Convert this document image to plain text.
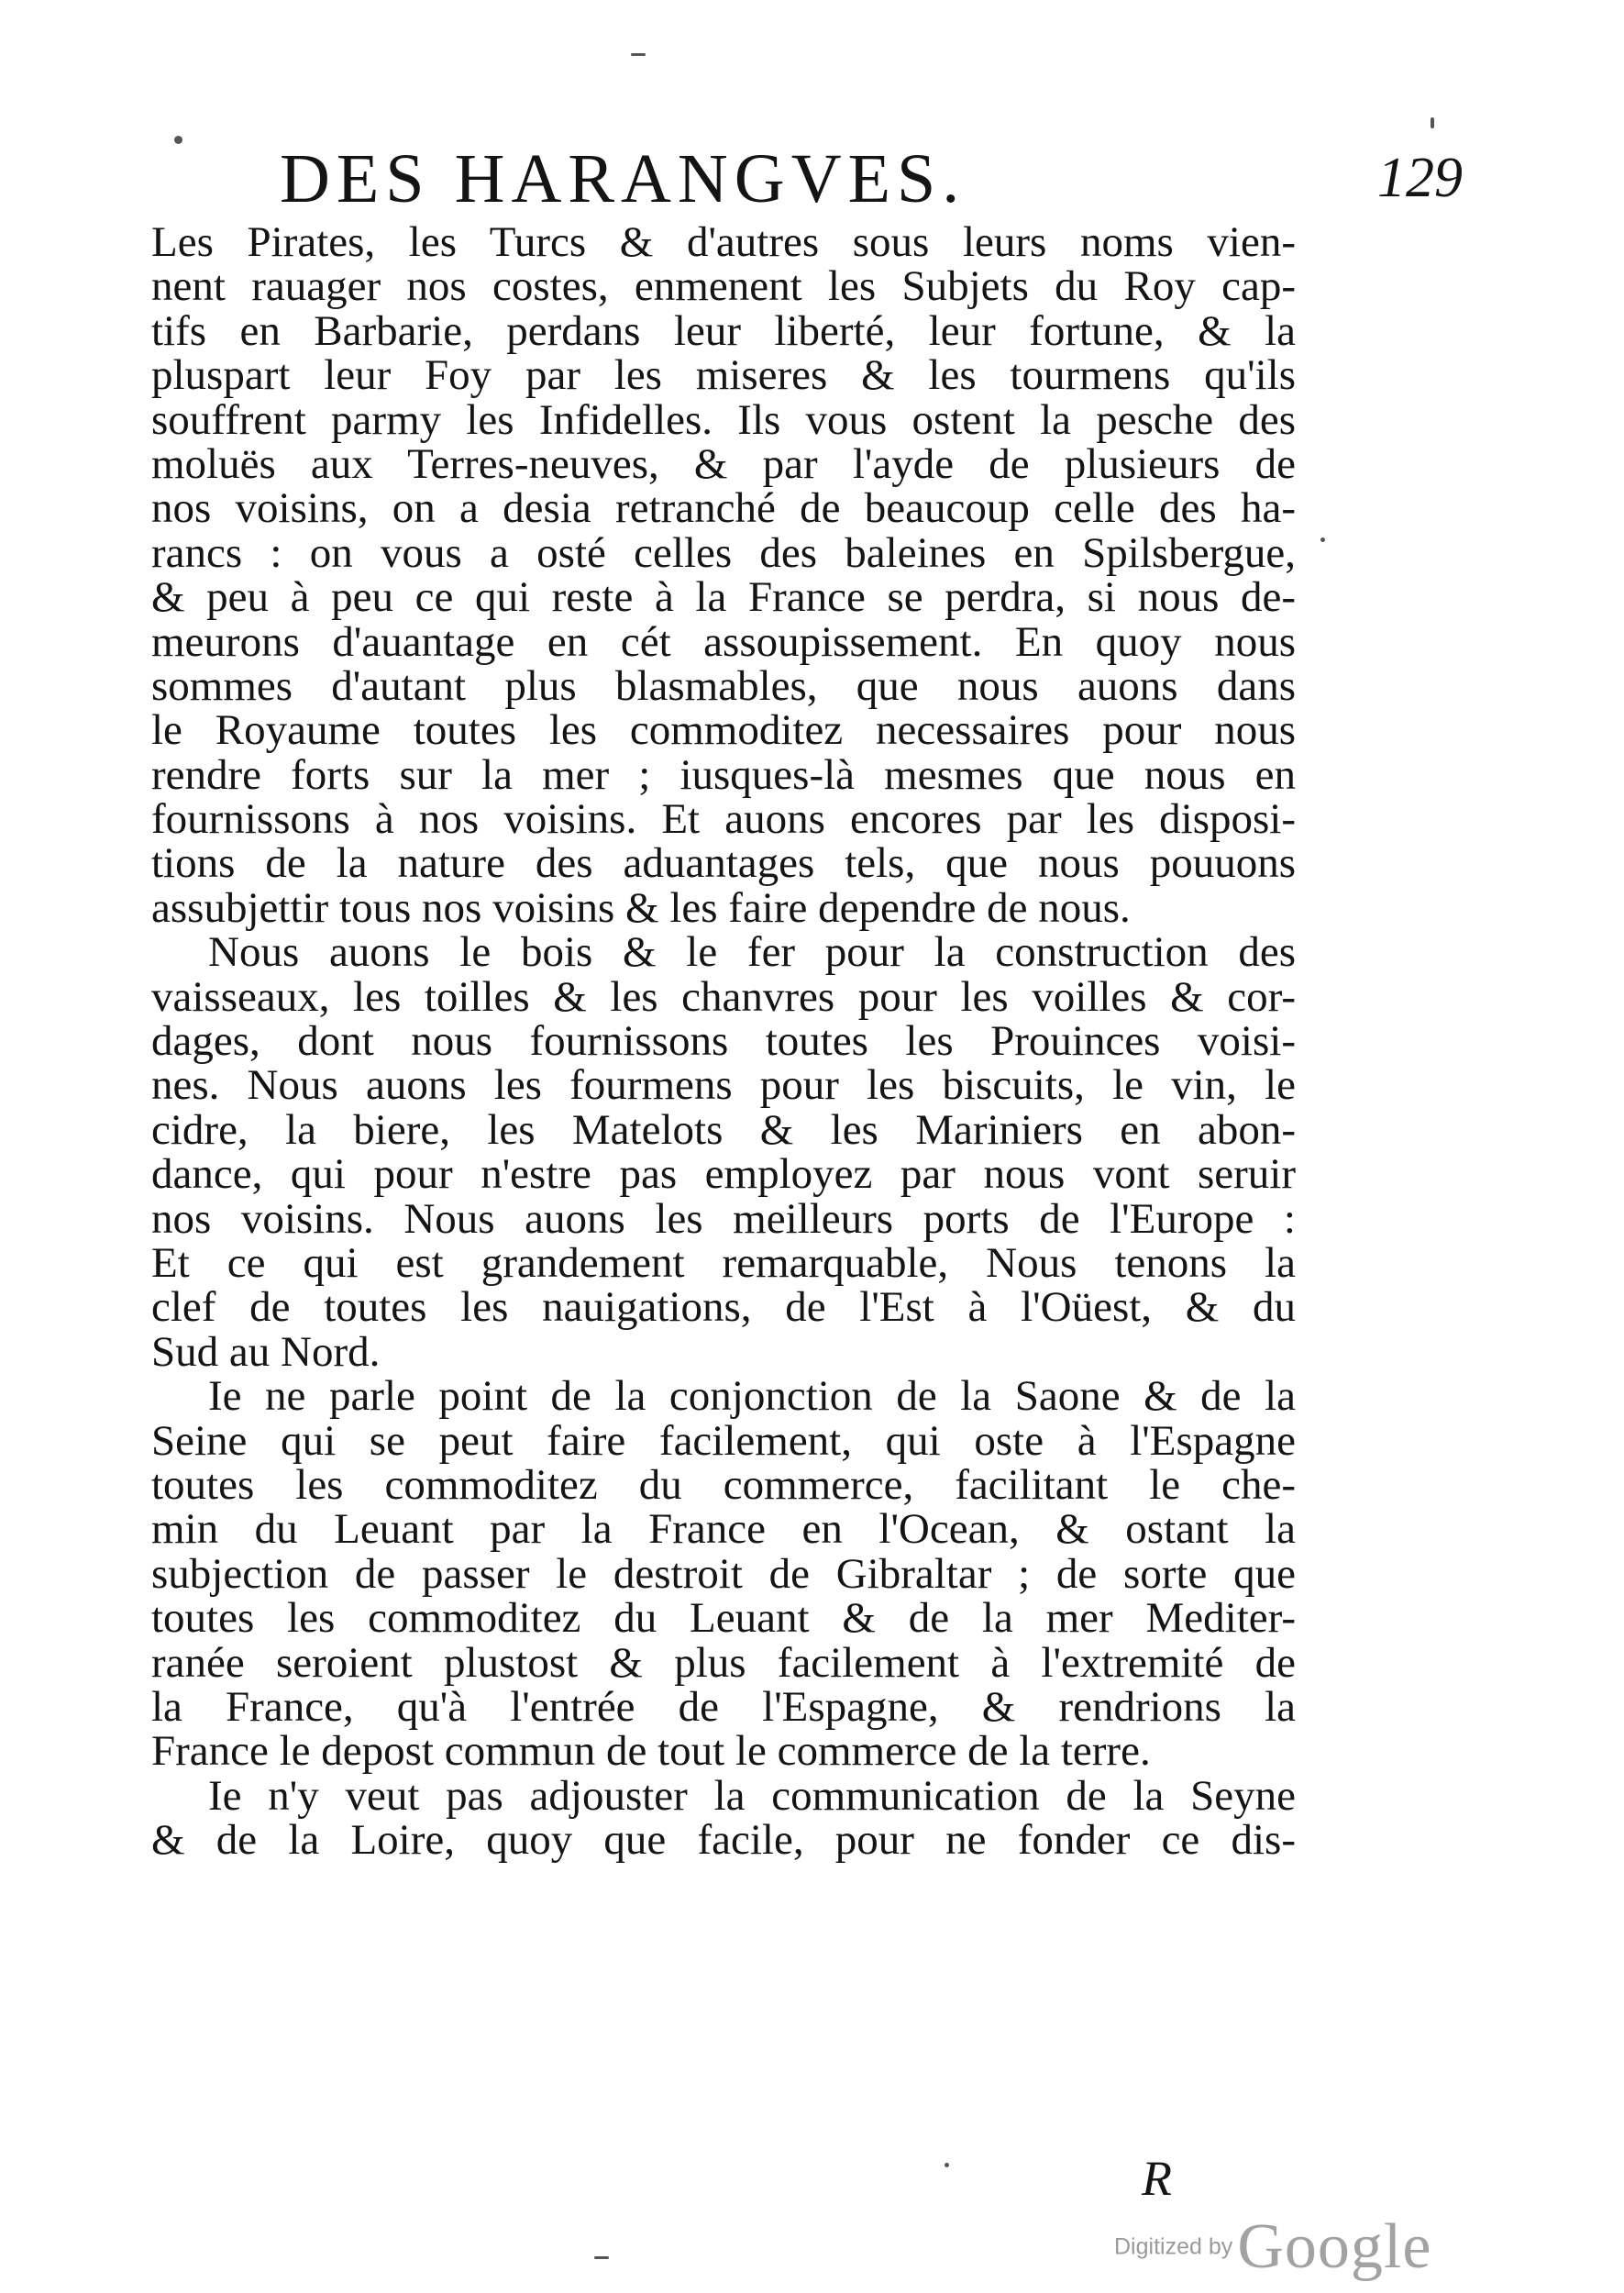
DES HARANGVES.	129
Les Pirates, les Turcs & d'autres sous leurs noms vien-
nent rauager nos costes, enmenent les Subjets du Roy cap-
tifs en Barbarie, perdans leur liberté, leur fortune, & la
pluspart leur Foy par les miseres & les tourmens qu'ils
souffrent parmy les Infidelles. Ils vous ostent la pesche des
moluës aux Terres-neuves, & par l'ayde de plusieurs de
nos voisins, on a desia retranché de beaucoup celle des ha-
rancs : on vous a osté celles des baleines en Spilsbergue,
& peu à peu ce qui reste à la France se perdra, si nous de-
meurons d'auantage en cét assoupissement. En quoy nous
sommes d'autant plus blasmables, que nous auons dans
le Royaume toutes les commoditez necessaires pour nous
rendre forts sur la mer ; iusques-là mesmes que nous en
fournissons à nos voisins. Et auons encores par les disposi-
tions de la nature des aduantages tels, que nous pouuons
assubjettir tous nos voisins & les faire dependre de nous.
Nous auons le bois & le fer pour la construction des
vaisseaux, les toilles & les chanvres pour les voilles & cor-
dages, dont nous fournissons toutes les Prouinces voisi-
nes. Nous auons les fourmens pour les biscuits, le vin, le
cidre, la biere, les Matelots & les Mariniers en abon-
dance, qui pour n'estre pas employez par nous vont seruir
nos voisins. Nous auons les meilleurs ports de l'Europe :
Et ce qui est grandement remarquable, Nous tenons la
clef de toutes les nauigations, de l'Est à l'Oüest, & du
Sud au Nord.
Ie ne parle point de la conjonction de la Saone & de la
Seine qui se peut faire facilement, qui oste à l'Espagne
toutes les commoditez du commerce, facilitant le che-
min du Leuant par la France en l'Ocean, & ostant la
subjection de passer le destroit de Gibraltar ; de sorte que
toutes les commoditez du Leuant & de la mer Mediter-
ranée seroient plustost & plus facilement à l'extremité de
la France, qu'à l'entrée de l'Espagne, & rendrions la
France le depost commun de tout le commerce de la terre.
Ie n'y veut pas adjouster la communication de la Seyne
& de la Loire, quoy que facile, pour ne fonder ce dis-
R
Digitized by Google
